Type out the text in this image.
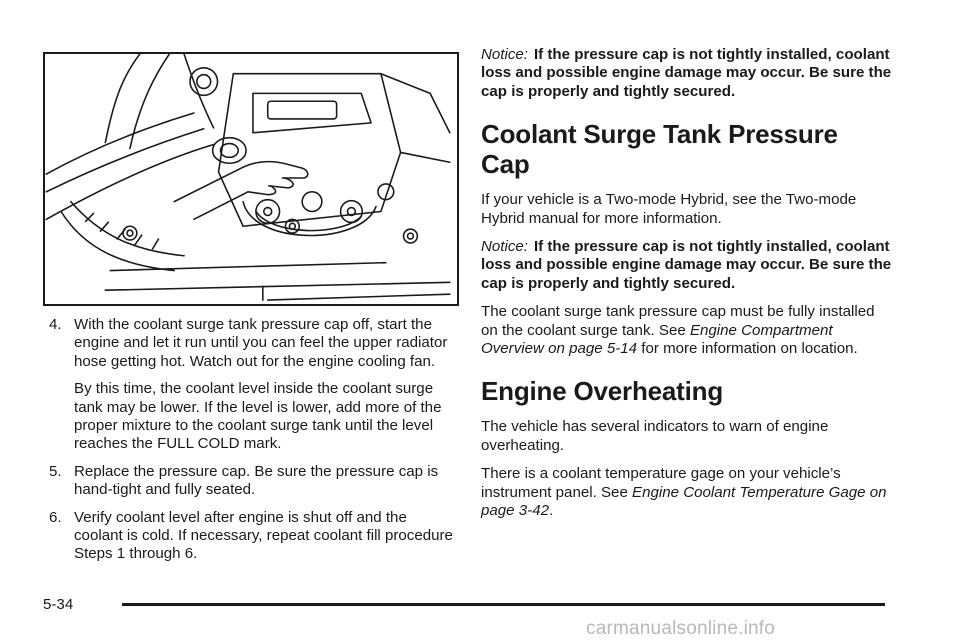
4. With the coolant surge tank pressure cap off, start the engine and let it run until you can feel the upper radiator hose getting hot. Watch out for the engine cooling fan.

By this time, the coolant level inside the coolant surge tank may be lower. If the level is lower, add more of the proper mixture to the coolant surge tank until the level reaches the FULL COLD mark.

5. Replace the pressure cap. Be sure the pressure cap is hand-tight and fully seated.

6. Verify coolant level after engine is shut off and the coolant is cold. If necessary, repeat coolant fill procedure Steps 1 through 6.

Notice: If the pressure cap is not tightly installed, coolant loss and possible engine damage may occur. Be sure the cap is properly and tightly secured.

Coolant Surge Tank Pressure Cap

If your vehicle is a Two-mode Hybrid, see the Two-mode Hybrid manual for more information.

Notice: If the pressure cap is not tightly installed, coolant loss and possible engine damage may occur. Be sure the cap is properly and tightly secured.

The coolant surge tank pressure cap must be fully installed on the coolant surge tank. See Engine Compartment Overview on page 5-14 for more information on location.

Engine Overheating

The vehicle has several indicators to warn of engine overheating.

There is a coolant temperature gage on your vehicle’s instrument panel. See Engine Coolant Temperature Gage on page 3-42.

5-34
carmanualsonline.info
